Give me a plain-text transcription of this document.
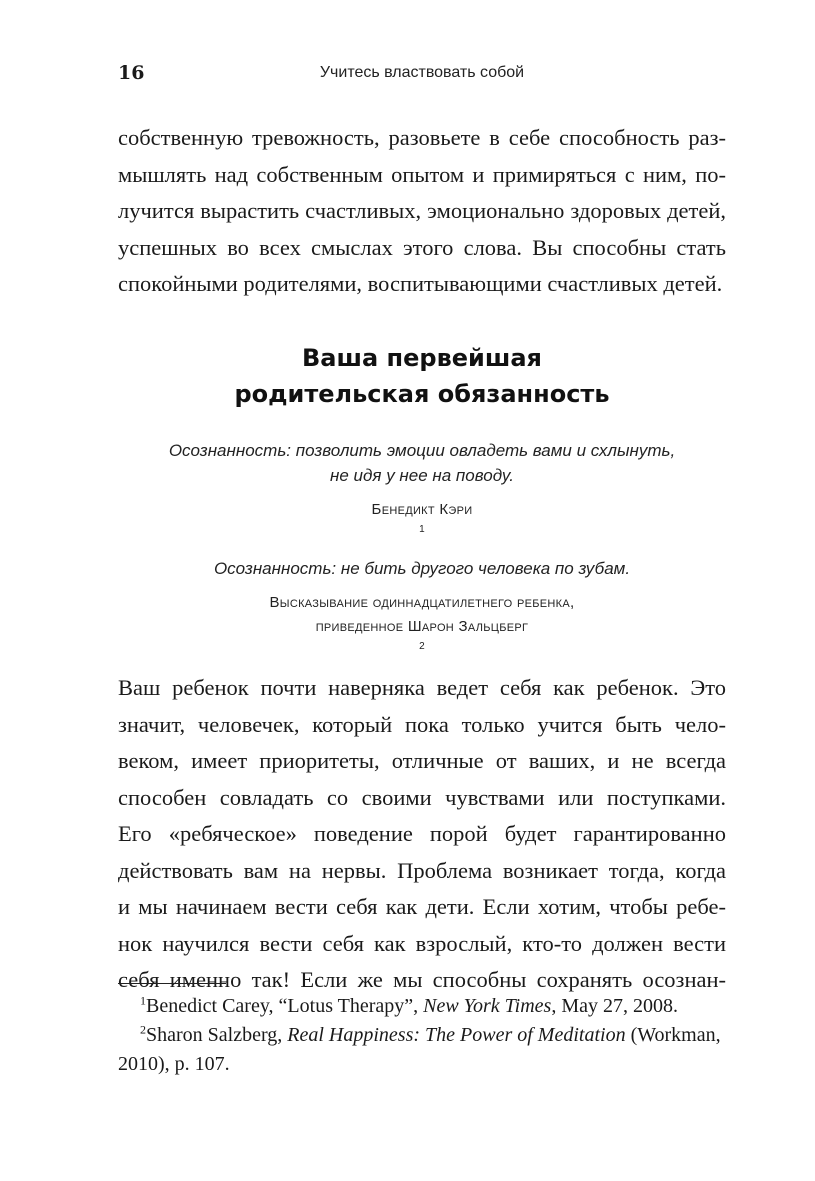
16	Учитесь властвовать собой
собственную тревожность, разовьете в себе способность раз-
мышлять над собственным опытом и примиряться с ним, по-
лучится вырастить счастливых, эмоционально здоровых детей,
успешных во всех смыслах этого слова. Вы способны стать
спокойными родителями, воспитывающими счастливых детей.
Ваша первейшая
родительская обязанность

Осознанность: позволить эмоции овладеть вами и схлынуть,
не идя у нее на поводу.

Бенедикт Кэри
$^1$

Осознанность: не бить другого человека по зубам.

Высказывание одиннадцатилетнего ребенка,
приведенное Шарон Зальцберг
$^2$

Ваш ребенок почти наверняка ведет себя как ребенок. Это
значит, человечек, который пока только учится быть чело-
веком, имеет приоритеты, отличные от ваших, и не всегда
способен совладать со своими чувствами или поступками.
Его «ребяческое» поведение порой будет гарантированно
действовать вам на нервы. Проблема возникает тогда, когда
и мы начинаем вести себя как дети. Если хотим, чтобы ребе-
нок научился вести себя как взрослый, кто-то должен вести
себя именно так! Если же мы способны сохранять осознан-

$^1$Benedict Carey, “Lotus Therapy”, New York Times, May 27, 2008.

$^2$Sharon Salzberg, Real Happiness: The Power of Meditation (Workman, 2010), p. 107.
